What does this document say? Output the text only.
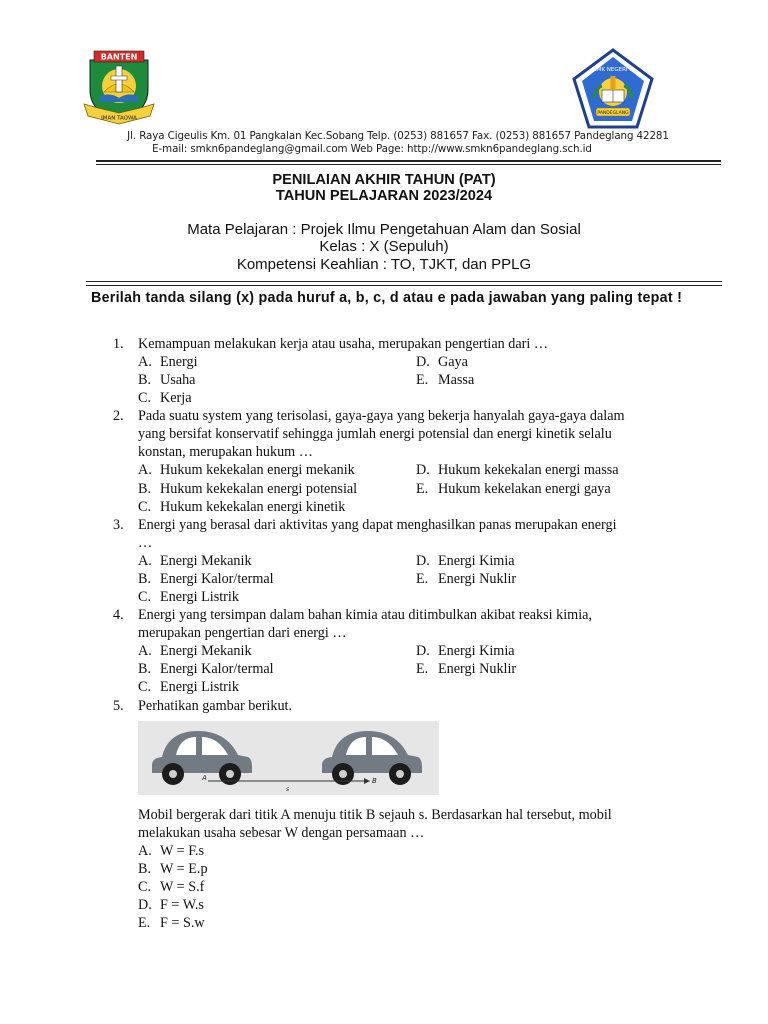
BANTEN
IMAN TAQWA
SMK NEGERI 6
PANDEGLANG
Jl. Raya Cigeulis Km. 01 Pangkalan Kec.Sobang Telp. (0253) 881657 Fax. (0253) 881657 Pandeglang 42281
E-mail: smkn6pandeglang@gmail.com Web Page: http://www.smkn6pandeglang.sch.id
PENILAIAN AKHIR TAHUN (PAT)
TAHUN PELAJARAN 2023/2024
Mata Pelajaran : Projek Ilmu Pengetahuan Alam dan Sosial
Kelas : X (Sepuluh)
Kompetensi Keahlian : TO, TJKT, dan PPLG
Berilah tanda silang (x) pada huruf a, b, c, d atau e pada jawaban yang paling tepat !
1. Kemampuan melakukan kerja atau usaha, merupakan pengertian dari …
A. Energi	D. Gaya
B. Usaha	E. Massa
C. Kerja
2. Pada suatu system yang terisolasi, gaya-gaya yang bekerja hanyalah gaya-gaya dalam
yang bersifat konservatif sehingga jumlah energi potensial dan energi kinetik selalu
konstan, merupakan hukum …
A. Hukum kekekalan energi mekanik	D. Hukum kekekalan energi massa
B. Hukum kekekalan energi potensial	E. Hukum kekelakan energi gaya
C. Hukum kekekalan energi kinetik
3. Energi yang berasal dari aktivitas yang dapat menghasilkan panas merupakan energi
…
A. Energi Mekanik	D. Energi Kimia
B. Energi Kalor/termal	E. Energi Nuklir
C. Energi Listrik
4. Energi yang tersimpan dalam bahan kimia atau ditimbulkan akibat reaksi kimia,
merupakan pengertian dari energi …
A. Energi Mekanik	D. Energi Kimia
B. Energi Kalor/termal	E. Energi Nuklir
C. Energi Listrik
5. Perhatikan gambar berikut.
A	B
s
Mobil bergerak dari titik A menuju titik B sejauh s. Berdasarkan hal tersebut, mobil
melakukan usaha sebesar W dengan persamaan …
A. W = F.s
B. W = E.p
C. W = S.f
D. F = W.s
E. F = S.w
